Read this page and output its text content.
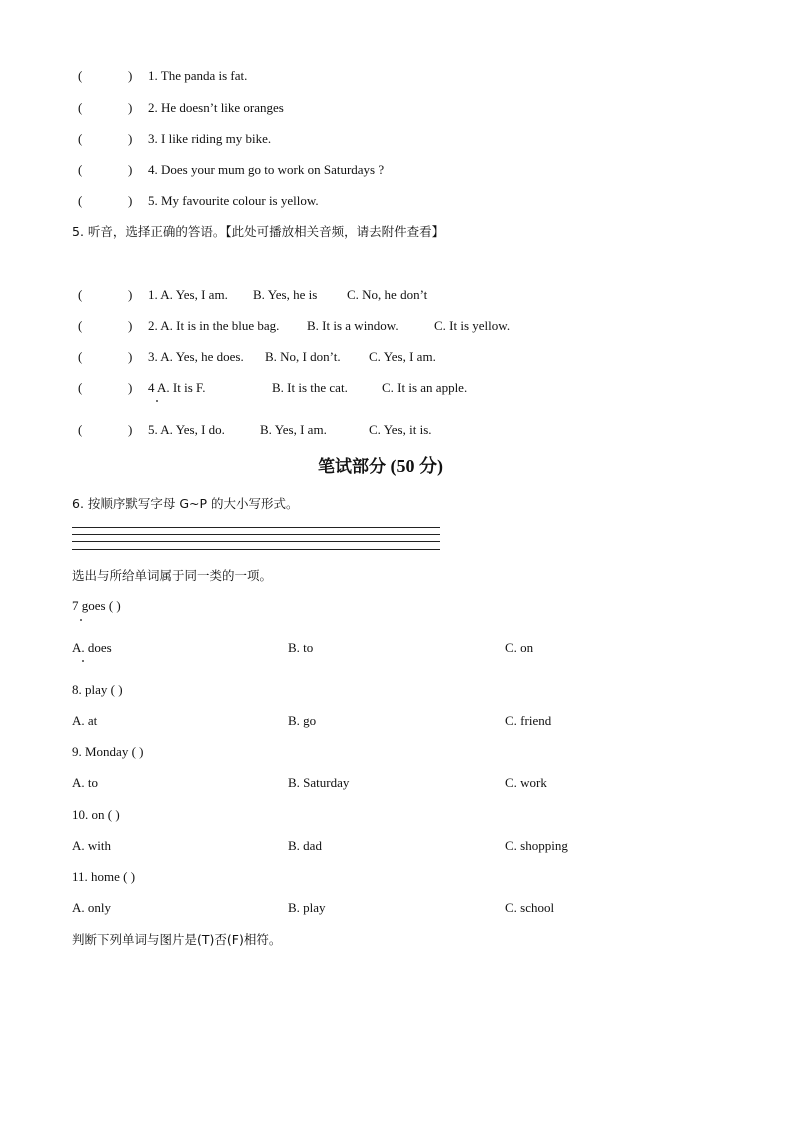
(	) 1. The panda is fat.
(	) 2. He doesn’t like oranges
(	) 3. I like riding my bike.
(	) 4. Does your mum go to work on Saturdays ?
(	) 5. My favourite colour is yellow.
5. 听音，选择正确的答语。【此处可播放相关音频，请去附件查看】
(	) 1. A. Yes, I am. B. Yes, he is C. No, he don’t
(	) 2. A. It is in the blue bag. B. It is a window.	C. It is yellow.
(	) 3. A. Yes, he does. B. No, I don’t. C. Yes, I am.
(	) 4 A. It is F.	B. It is the cat.	C. It is an apple.
(	) 5. A. Yes, I do.	B. Yes, I am.	C. Yes, it is.
笔试部分 (50 分)
6. 按顺序默写字母 G~P 的大小写形式。
选出与所给单词属于同一类的一项。
7 goes ( )
A. does	B. to	C. on
8. play ( )
A. at	B. go	C. friend
9. Monday ( )
A. to	B. Saturday	C. work
10. on ( )
A. with	B. dad	C. shopping
11. home ( )
A. only	B. play	C. school
判断下列单词与图片是(T)否(F)相符。
